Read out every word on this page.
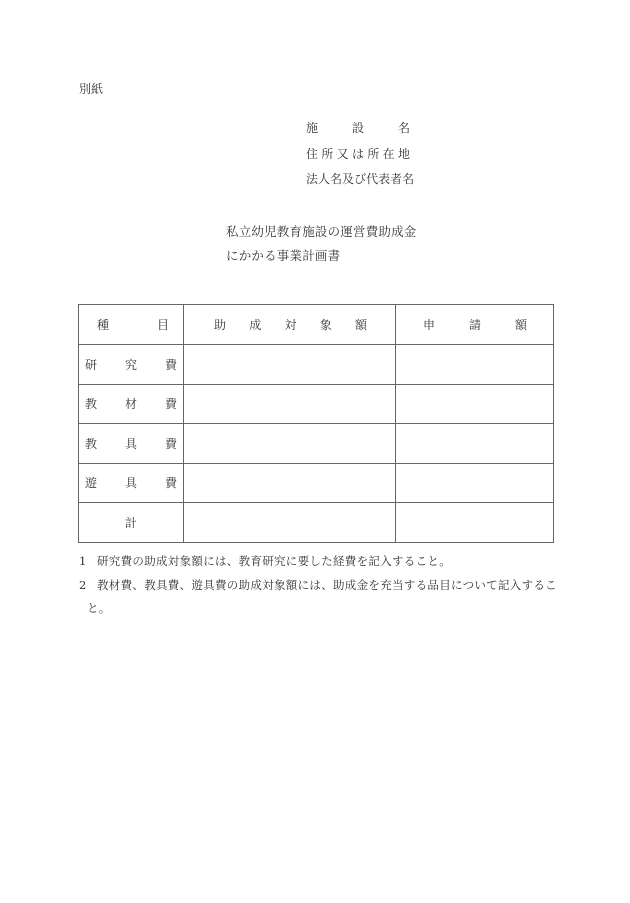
別紙
施	設	名
住 所 又 は 所 在 地
法 人 名 及 び 代 表 者 名
私立幼児教育施設の運営費助成金
にかかる事業計画書
種 目	助 成 対 象 額	申 請 額

研 究 費		

教 材 費		

教 具 費		

遊 具 費		

計		
1 研究費の助成対象額には、教育研究に要した経費を記入すること。
2 教材費、教具費、遊具費の助成対象額には、助成金を充当する品目について記入するこ
と。
